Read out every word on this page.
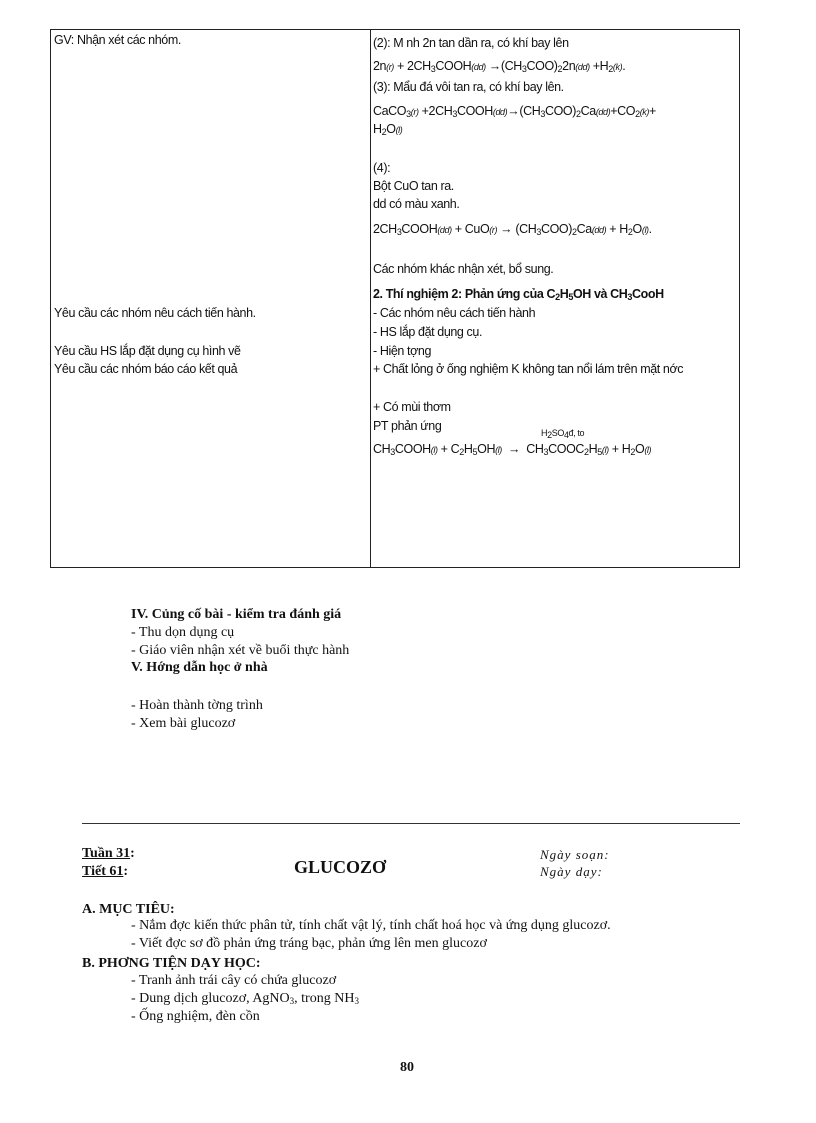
GV: Nhận xét các nhóm.
Yêu cầu các nhóm nêu cách tiến hành.
Yêu cầu HS lắp đặt dụng cụ hình vẽ
Yêu cầu các nhóm báo cáo kết quả
(2): M nh 2n tan dần ra, có khí bay lên
$2n(r) + 2CH_3COOH(dd) \to(CH_3COO)_22n(dd) +H_2(k)$.
(3): Mẩu đá vôi tan ra, có khí bay lên.
CaCO$_3$(r) $+2CH_3COOH(dd)\to(CH_3COO)_2Ca(dd)+CO_2(k)+$
$H_2O(l)$
(4):
Bột CuO tan ra.
dd có màu xanh.
$2CH_3COOH(dd) + CuO(r) \to (CH_3COO)_2Ca(dd) + H_2O(l)$.
Các nhóm khác nhận xét, bổ sung.
2. Thí nghiệm 2: Phản ứng của $C_2H_5OH$ và $CH_3CooH$
- Các nhóm nêu cách tiến hành
- HS lắp đặt dụng cụ.
- Hiện tợng
+ Chất lỏng ở ống nghiệm K không tan nổi lám trên mặt nớc
+ Có mùi thơm
PT phản ứng	$H_2SO_4đ$, to
$CH_3COOH(l) + C_2H_5OH(l)$  →  $CH_3COOC_2H_5(l) + H_2O(l)$
IV. Củng cố bài - kiểm tra đánh giá
- Thu dọn dụng cụ
- Giáo viên nhận xét về buổi thực hành
V. Hớng dẫn học ở nhà
- Hoàn thành tờng trình
- Xem bài glucozơ
Tuần 31:
Tiết 61:	GLUCOZƠ
Ngày soạn:
Ngày dạy:
A. MỤC TIÊU:
- Nắm đợc kiến thức phân tử, tính chất vật lý, tính chất hoá học và ứng dụng glucozơ.
- Viết đợc sơ đồ phản ứng tráng bạc, phản ứng lên men glucozơ
B. PHƠNG TIỆN DẠY HỌC:
- Tranh ảnh trái cây có chứa glucozơ
- Dung dịch glucozơ, AgNO$_3$, trong $NH_3$
- Ống nghiệm, đèn cồn
80
